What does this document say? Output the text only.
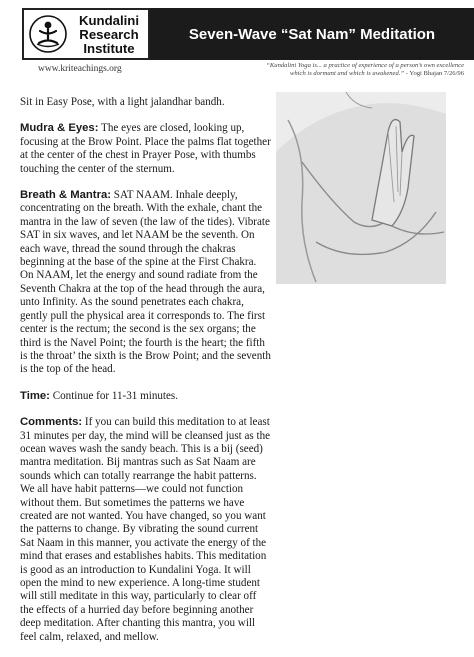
Kundalini
Research
Institute
Seven-Wave “Sat Nam” Meditation
www.kriteachings.org	“Kundalini Yoga is... a practice of experience of a person’s own excellence
which is dormant and which is awakened.” - Yogi Bhajan 7/26/96

Sit in Easy Pose, with a light jalandhar bandh.

Mudra & Eyes: The eyes are closed, looking up, focusing at the Brow Point. Place the palms flat together at the center of the chest in Prayer Pose, with thumbs touching the center of the sternum.

Breath & Mantra: SAT NAAM. Inhale deeply, concentrating on the breath. With the exhale, chant the mantra in the law of seven (the law of the tides). Vibrate SAT in six waves, and let NAAM be the seventh. On each wave, thread the sound through the chakras beginning at the base of the spine at the First Chakra. On NAAM, let the energy and sound radiate from the Seventh Chakra at the top of the head through the aura, unto Infinity. As the sound penetrates each chakra, gently pull the physical area it corresponds to. The first center is the rectum; the second is the sex organs; the third is the Navel Point; the fourth is the heart; the fifth is the throat’ the sixth is the Brow Point; and the seventh is the top of the head.

Time: Continue for 11-31 minutes.

Comments: If you can build this meditation to at least 31 minutes per day, the mind will be cleansed just as the ocean waves wash the sandy beach. This is a bij (seed) mantra meditation. Bij mantras such as Sat Naam are sounds which can totally rearrange the habit patterns. We all have habit patterns—we could not function without them. But sometimes the patterns we have created are not wanted. You have changed, so you want the patterns to change. By vibrating the sound current Sat Naam in this manner, you activate the energy of the mind that erases and establishes habits. This meditation is good as an introduction to Kundalini Yoga. It will open the mind to new experience. A long-time student will still meditate in this way, particularly to clear off the effects of a hurried day before beginning another deep meditation. After chanting this mantra, you will feel calm, relaxed, and mellow.
